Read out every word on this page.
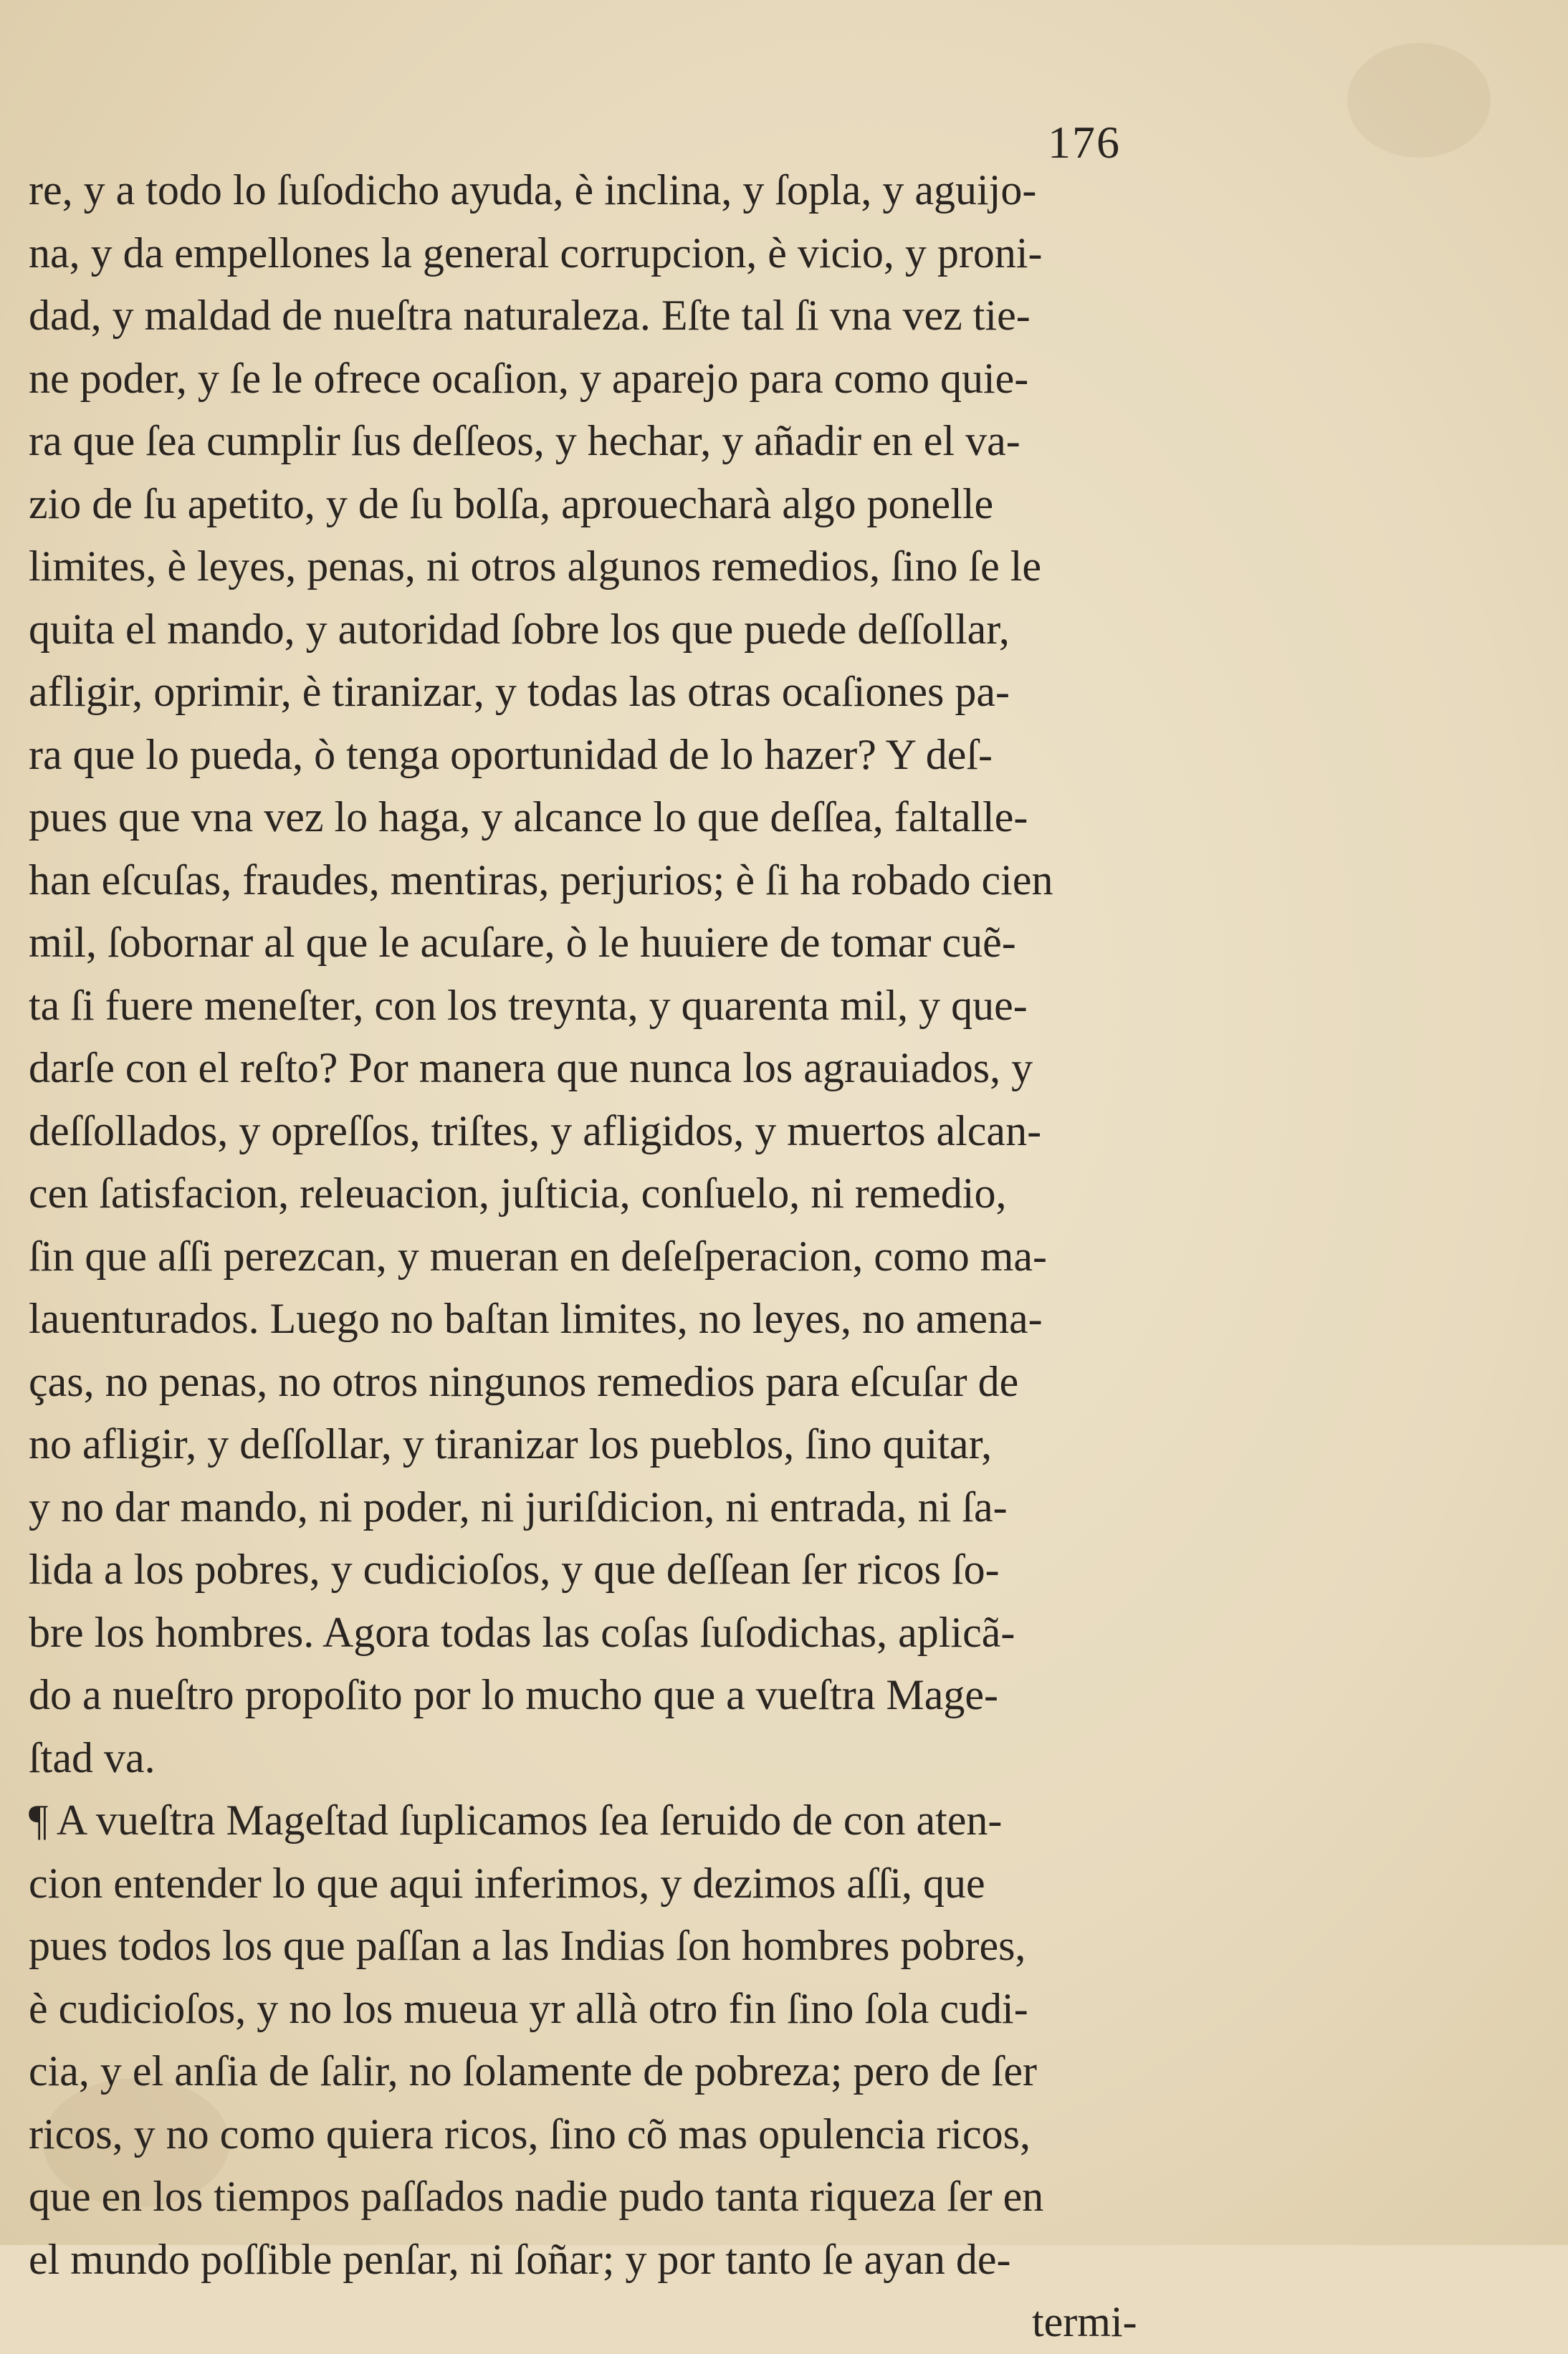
176
re, y a todo lo ſuſodicho ayuda, è inclina, y ſopla, y aguijo-
na, y da empellones la general corrupcion, è vicio, y proni-
dad, y maldad de nueſtra naturaleza. Eſte tal ſi vna vez tie-
ne poder, y ſe le ofrece ocaſion, y aparejo para como quie-
ra que ſea cumplir ſus deſſeos, y hechar, y añadir en el va-
zio de ſu apetito, y de ſu bolſa, aprouecharà algo ponelle
limites, è leyes, penas, ni otros algunos remedios, ſino ſe le
quita el mando, y autoridad ſobre los que puede deſſollar,
afligir, oprimir, è tiranizar, y todas las otras ocaſiones pa-
ra que lo pueda, ò tenga oportunidad de lo hazer? Y deſ-
pues que vna vez lo haga, y alcance lo que deſſea, faltalle-
han eſcuſas, fraudes, mentiras, perjurios; è ſi ha robado cien
mil, ſobornar al que le acuſare, ò le huuiere de tomar cuẽ-
ta ſi fuere meneſter, con los treynta, y quarenta mil, y que-
darſe con el reſto? Por manera que nunca los agrauiados, y
deſſollados, y opreſſos, triſtes, y afligidos, y muertos alcan-
cen ſatisfacion, releuacion, juſticia, conſuelo, ni remedio,
ſin que aſſi perezcan, y mueran en deſeſperacion, como ma-
lauenturados. Luego no baſtan limites, no leyes, no amena-
ças, no penas, no otros ningunos remedios para eſcuſar de
no afligir, y deſſollar, y tiranizar los pueblos, ſino quitar,
y no dar mando, ni poder, ni juriſdicion, ni entrada, ni ſa-
lida a los pobres, y cudicioſos, y que deſſean ſer ricos ſo-
bre los hombres. Agora todas las coſas ſuſodichas, aplicã-
do a nueſtro propoſito por lo mucho que a vueſtra Mage-
ſtad va.
¶ A vueſtra Mageſtad ſuplicamos ſea ſeruido de con aten-
cion entender lo que aqui inferimos, y dezimos aſſi, que
pues todos los que paſſan a las Indias ſon hombres pobres,
è cudicioſos, y no los mueua yr allà otro fin ſino ſola cudi-
cia, y el anſia de ſalir, no ſolamente de pobreza; pero de ſer
ricos, y no como quiera ricos, ſino cõ mas opulencia ricos,
que en los tiempos paſſados nadie pudo tanta riqueza ſer en
el mundo poſſible penſar, ni ſoñar; y por tanto ſe ayan de-
termi-
